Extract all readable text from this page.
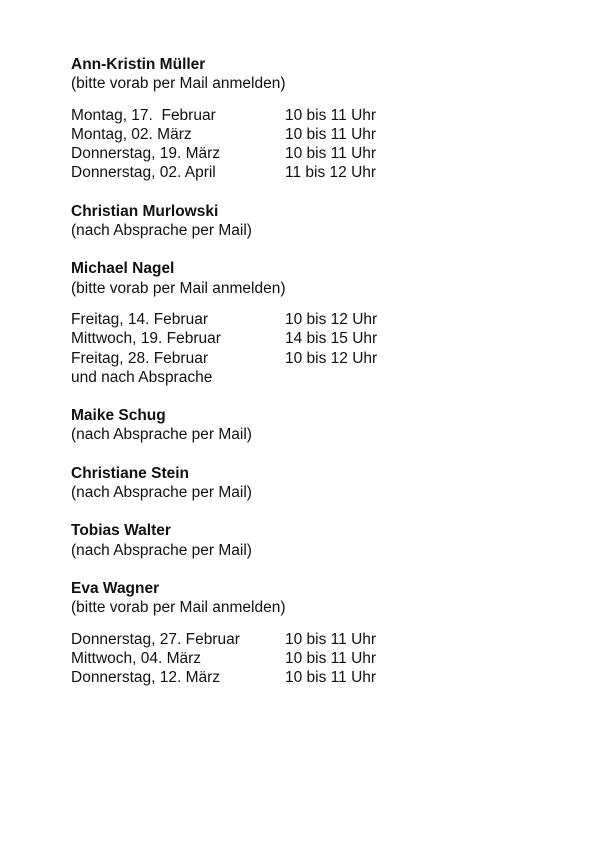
Ann-Kristin Müller

(bitte vorab per Mail anmelden)

Montag, 17.  Februar	10 bis 11 Uhr
Montag, 02. März	10 bis 11 Uhr
Donnerstag, 19. März	10 bis 11 Uhr
Donnerstag, 02. April	11 bis 12 Uhr

Christian Murlowski

(nach Absprache per Mail)

Michael Nagel

(bitte vorab per Mail anmelden)

Freitag, 14. Februar	10 bis 12 Uhr
Mittwoch, 19. Februar	14 bis 15 Uhr
Freitag, 28. Februar	10 bis 12 Uhr

und nach Absprache

Maike Schug

(nach Absprache per Mail)

Christiane Stein

(nach Absprache per Mail)

Tobias Walter

(nach Absprache per Mail)

Eva Wagner

(bitte vorab per Mail anmelden)

Donnerstag, 27. Februar	10 bis 11 Uhr
Mittwoch, 04. März	10 bis 11 Uhr
Donnerstag, 12. März	10 bis 11 Uhr
